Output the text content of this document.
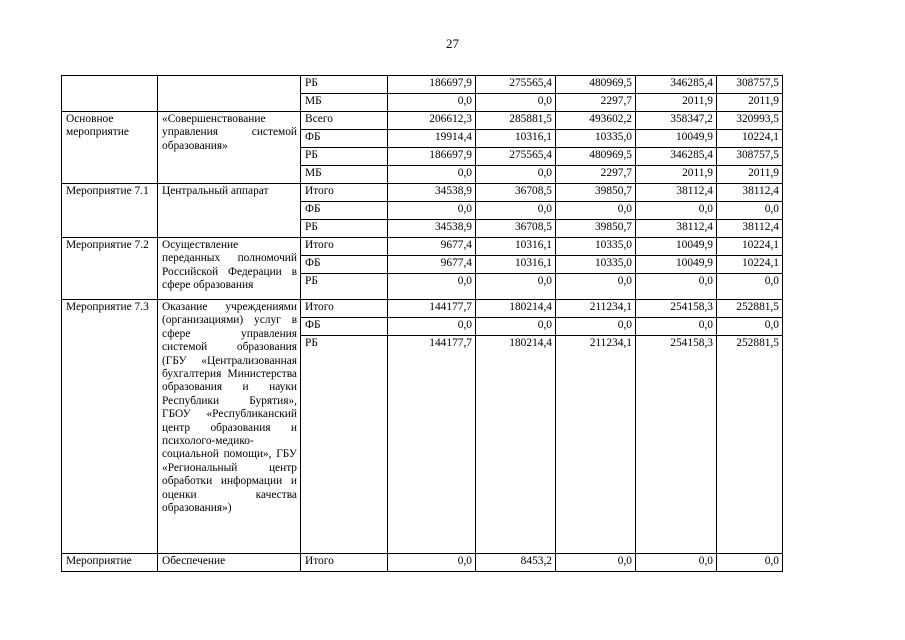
27
		РБ	186697,9	275565,4	480969,5	346285,4	308757,5
		МБ	0,0	0,0	2297,7	2011,9	2011,9
Основное мероприятие	«Совершенствование управления системой образования»	Всего	206612,3	285881,5	493602,2	358347,2	320993,5
		ФБ	19914,4	10316,1	10335,0	10049,9	10224,1
		РБ	186697,9	275565,4	480969,5	346285,4	308757,5
		МБ	0,0	0,0	2297,7	2011,9	2011,9
Мероприятие 7.1	Центральный аппарат	Итого	34538,9	36708,5	39850,7	38112,4	38112,4
		ФБ	0,0	0,0	0,0	0,0	0,0
		РБ	34538,9	36708,5	39850,7	38112,4	38112,4
Мероприятие 7.2	Осуществление переданных полномочий Российской Федерации в сфере образования	Итого	9677,4	10316,1	10335,0	10049,9	10224,1
		ФБ	9677,4	10316,1	10335,0	10049,9	10224,1
		РБ	0,0	0,0	0,0	0,0	0,0
Мероприятие 7.3	Оказание учреждениями (организациями) услуг в сфере управления системой образования (ГБУ «Централизованная бухгалтерия Министерства образования и науки Республики Бурятия», ГБОУ «Республиканский центр образования и психолого-медико-социальной помощи», ГБУ «Региональный центр обработки информации и оценки качества образования»)	Итого	144177,7	180214,4	211234,1	254158,3	252881,5
		ФБ	0,0	0,0	0,0	0,0	0,0
		РБ	144177,7	180214,4	211234,1	254158,3	252881,5
Мероприятие	Обеспечение	Итого	0,0	8453,2	0,0	0,0	0,0
